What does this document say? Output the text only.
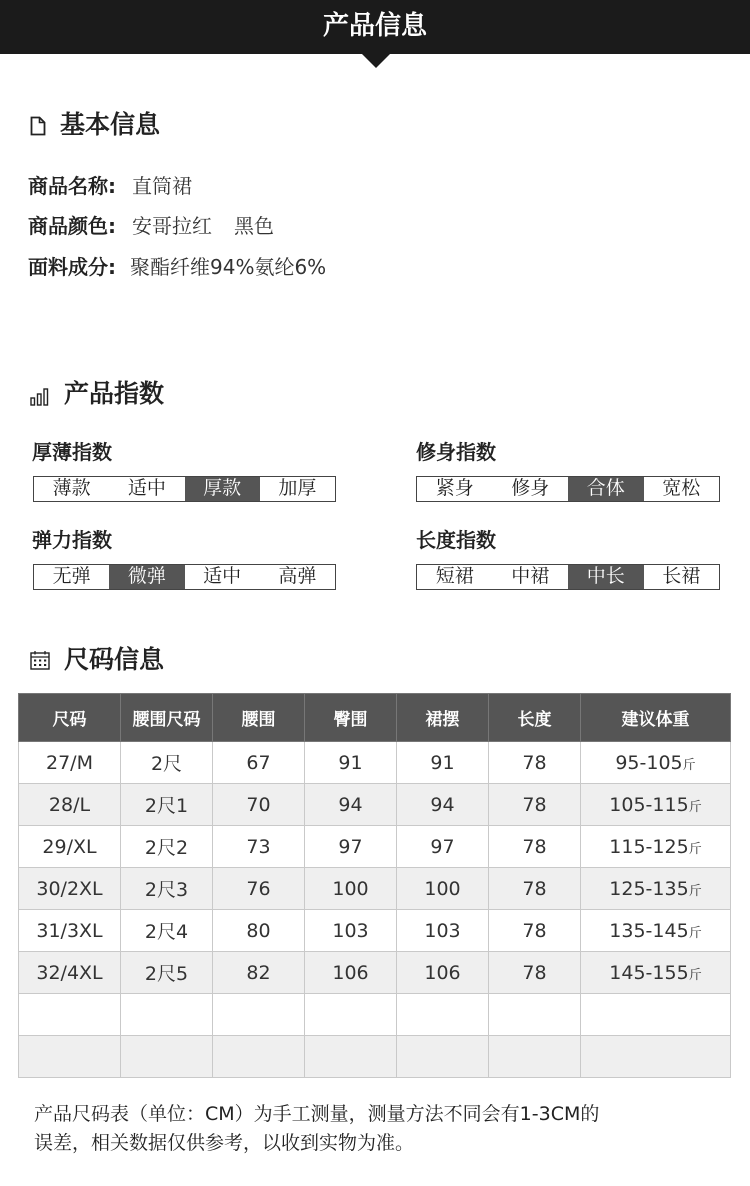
产品信息
基本信息
商品名称: 直筒裙
商品颜色: 安哥拉红 黑色
面料成分: 聚酯纤维94%氨纶6%
产品指数
厚薄指数
薄款	适中	厚款	加厚
修身指数
紧身	修身	合体	宽松
弹力指数
无弹	微弹	适中	高弹
长度指数
短裙	中裙	中长	长裙
尺码信息
尺码	腰围尺码	腰围	臀围	裙摆	长度	建议体重
27/M	2尺	67	91	91	78	95-105斤
28/L	2尺1	70	94	94	78	105-115斤
29/XL	2尺2	73	97	97	78	115-125斤
30/2XL	2尺3	76	100	100	78	125-135斤
31/3XL	2尺4	80	103	103	78	135-145斤
32/4XL	2尺5	82	106	106	78	145-155斤

产品尺码表（单位：CM）为手工测量，测量方法不同会有1-3CM的
误差，相关数据仅供参考，以收到实物为准。
